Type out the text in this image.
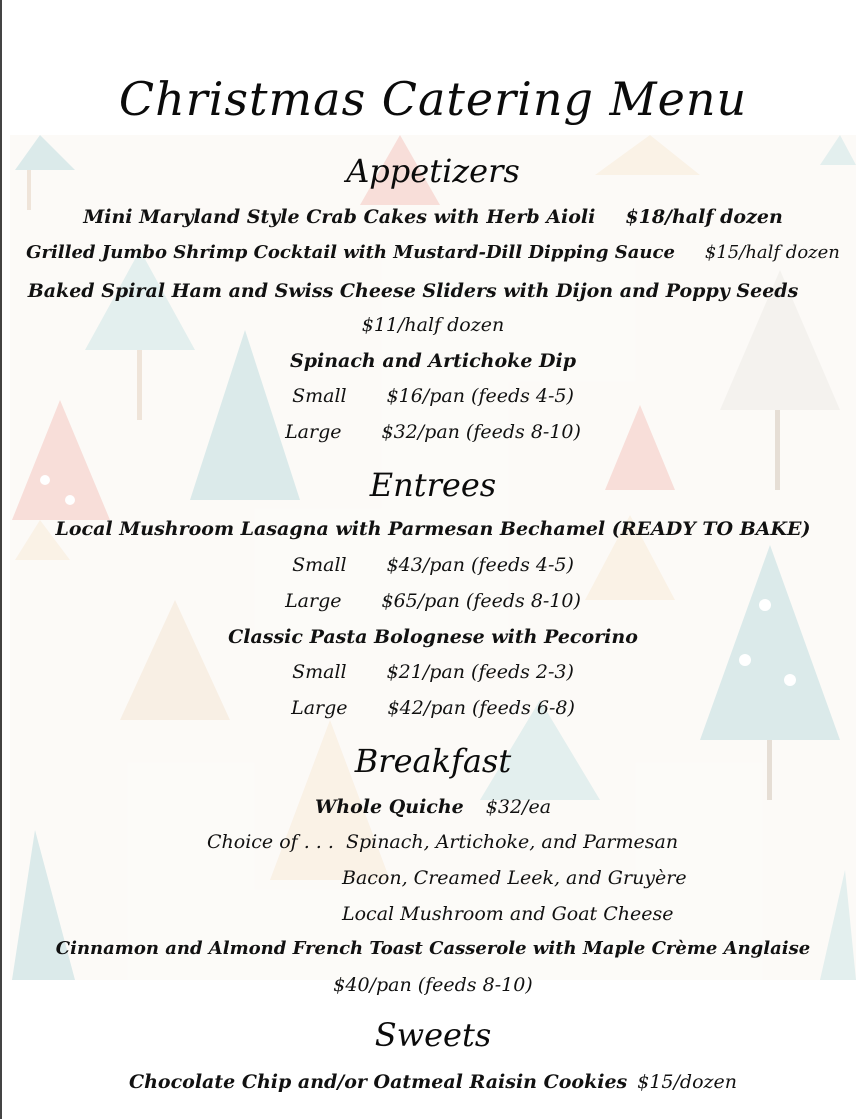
Christmas Catering Menu
Appetizers
Mini Maryland Style Crab Cakes with Herb Aioli $18/half dozen
Grilled Jumbo Shrimp Cocktail with Mustard-Dill Dipping Sauce $15/half dozen
Baked Spiral Ham and Swiss Cheese Sliders with Dijon and Poppy Seeds
$11/half dozen
Spinach and Artichoke Dip
Small $16/pan (feeds 4-5)
Large $32/pan (feeds 8-10)
Entrees
Local Mushroom Lasagna with Parmesan Bechamel (READY TO BAKE)
Small $43/pan (feeds 4-5)
Large $65/pan (feeds 8-10)
Classic Pasta Bolognese with Pecorino
Small $21/pan (feeds 2-3)
Large $42/pan (feeds 6-8)
Breakfast
Whole Quiche $32/ea
Choice of . . . Spinach, Artichoke, and Parmesan
Bacon, Creamed Leek, and Gruyère
Local Mushroom and Goat Cheese
Cinnamon and Almond French Toast Casserole with Maple Crème Anglaise
$40/pan (feeds 8-10)
Sweets
Chocolate Chip and/or Oatmeal Raisin Cookies $15/dozen
